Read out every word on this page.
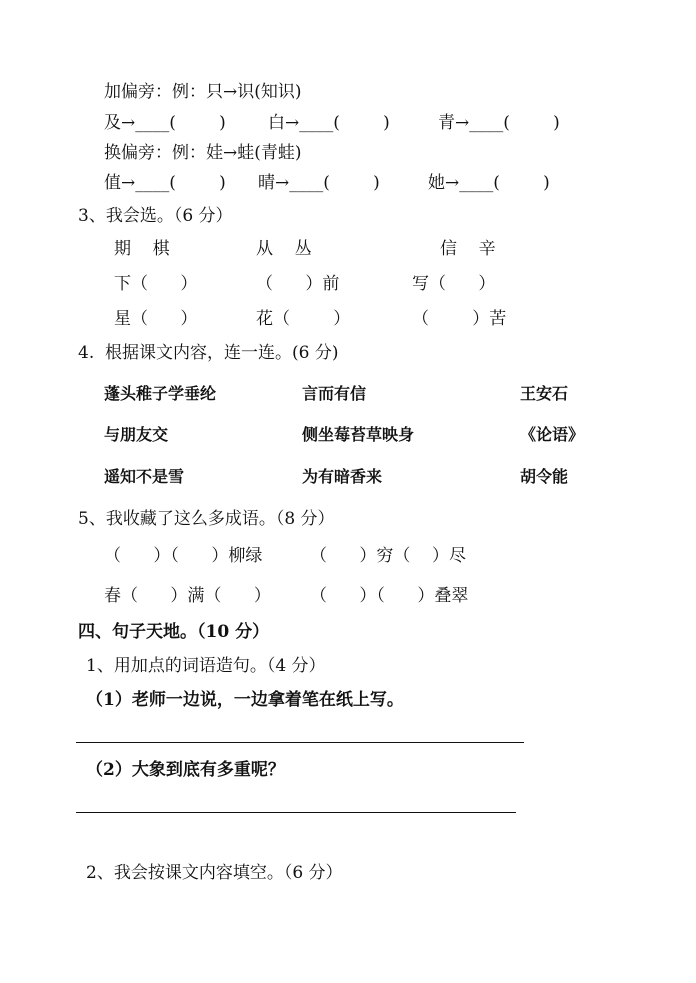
加偏旁：例：只→识(知识)
及→____(        ) 白→____(        )	青→____(        )
换偏旁：例：娃→蛙(青蛙)
值→____(        ) 晴→____(        )	她→____(        )
3、我会选。（6 分）
期    棋	从    丛	信    辛
下（      ）	（      ）前	写（      ）
星（      ）	花（        ）	（        ）苦
4.  根据课文内容，连一连。(6 分)
蓬头稚子学垂纶	言而有信	王安石
与朋友交	侧坐莓苔草映身	《论语》
遥知不是雪	为有暗香来	胡令能
5、我收藏了这么多成语。（8 分）
（      ）（      ）柳绿	（      ）穷（    ）尽
春（      ）满（      ） （      ）（      ）叠翠
四、句子天地。（10 分）
1、用加点的词语造句。（4 分）
（1）老师一边说，一边拿着笔在纸上写。
（2）大象到底有多重呢？
2、我会按课文内容填空。（6 分）
